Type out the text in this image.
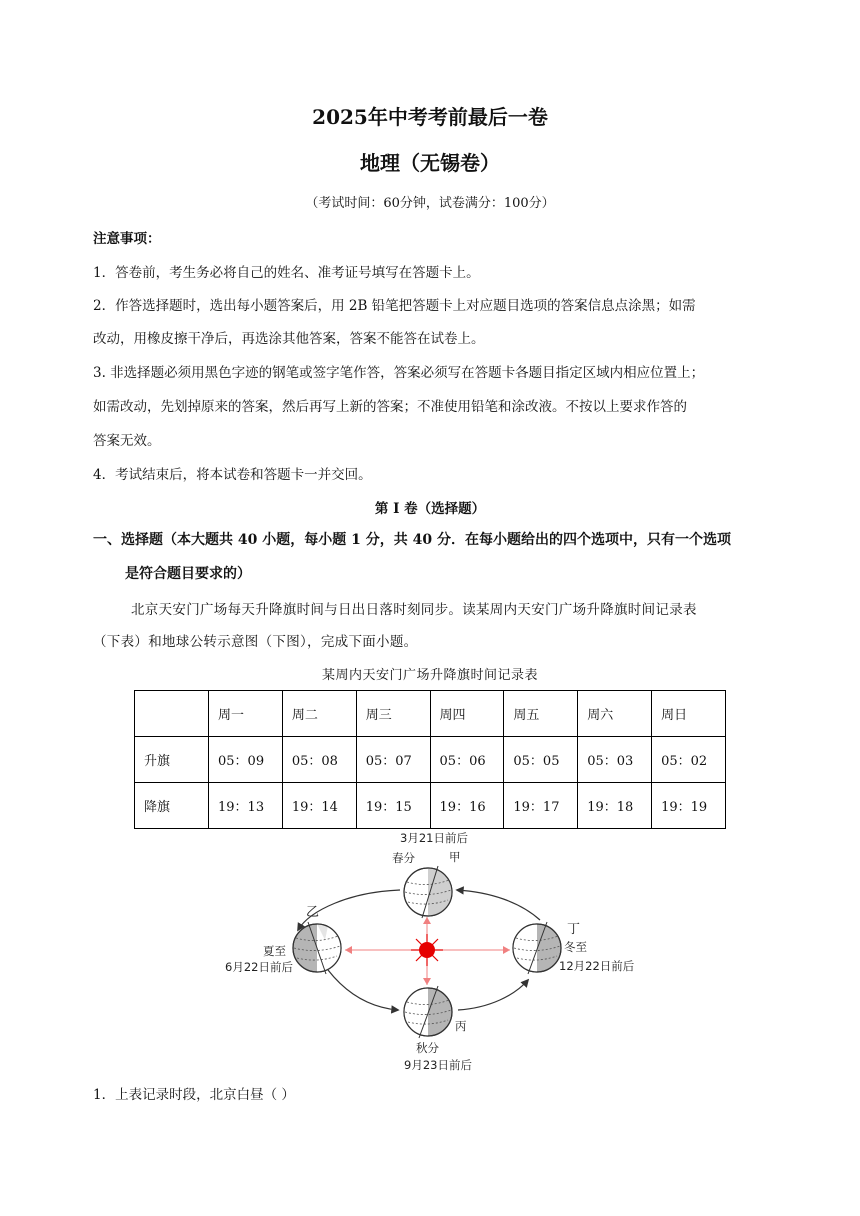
2025年中考考前最后一卷
地理（无锡卷）
（考试时间：60分钟，试卷满分：100分）
注意事项：
1．答卷前，考生务必将自己的姓名、准考证号填写在答题卡上。
2．作答选择题时，选出每小题答案后，用 2B 铅笔把答题卡上对应题目选项的答案信息点涂黑；如需
改动，用橡皮擦干净后，再选涂其他答案，答案不能答在试卷上。
3. 非选择题必须用黑色字迹的钢笔或签字笔作答，答案必须写在答题卡各题目指定区域内相应位置上；
如需改动，先划掉原来的答案，然后再写上新的答案；不准使用铅笔和涂改液。不按以上要求作答的
答案无效。
4．考试结束后，将本试卷和答题卡一并交回。
第 I 卷（选择题）
一、选择题（本大题共 40 小题，每小题 1 分，共 40 分．在每小题给出的四个选项中，只有一个选项
是符合题目要求的）
北京天安门广场每天升降旗时间与日出日落时刻同步。读某周内天安门广场升降旗时间记录表
（下表）和地球公转示意图（下图），完成下面小题。
某周内天安门广场升降旗时间记录表
	周一	周二	周三	周四	周五	周六	周日
升旗	05：09	05：08	05：07	05：06	05：05	05：03	05：02
降旗	19：13	19：14	19：15	19：16	19：17	19：18	19：19
3月21日前后
春分	甲
乙
夏至
6月22日前后
丁
冬至
12月22日前后
丙
秋分
9月23日前后
1．上表记录时段，北京白昼（ ）
